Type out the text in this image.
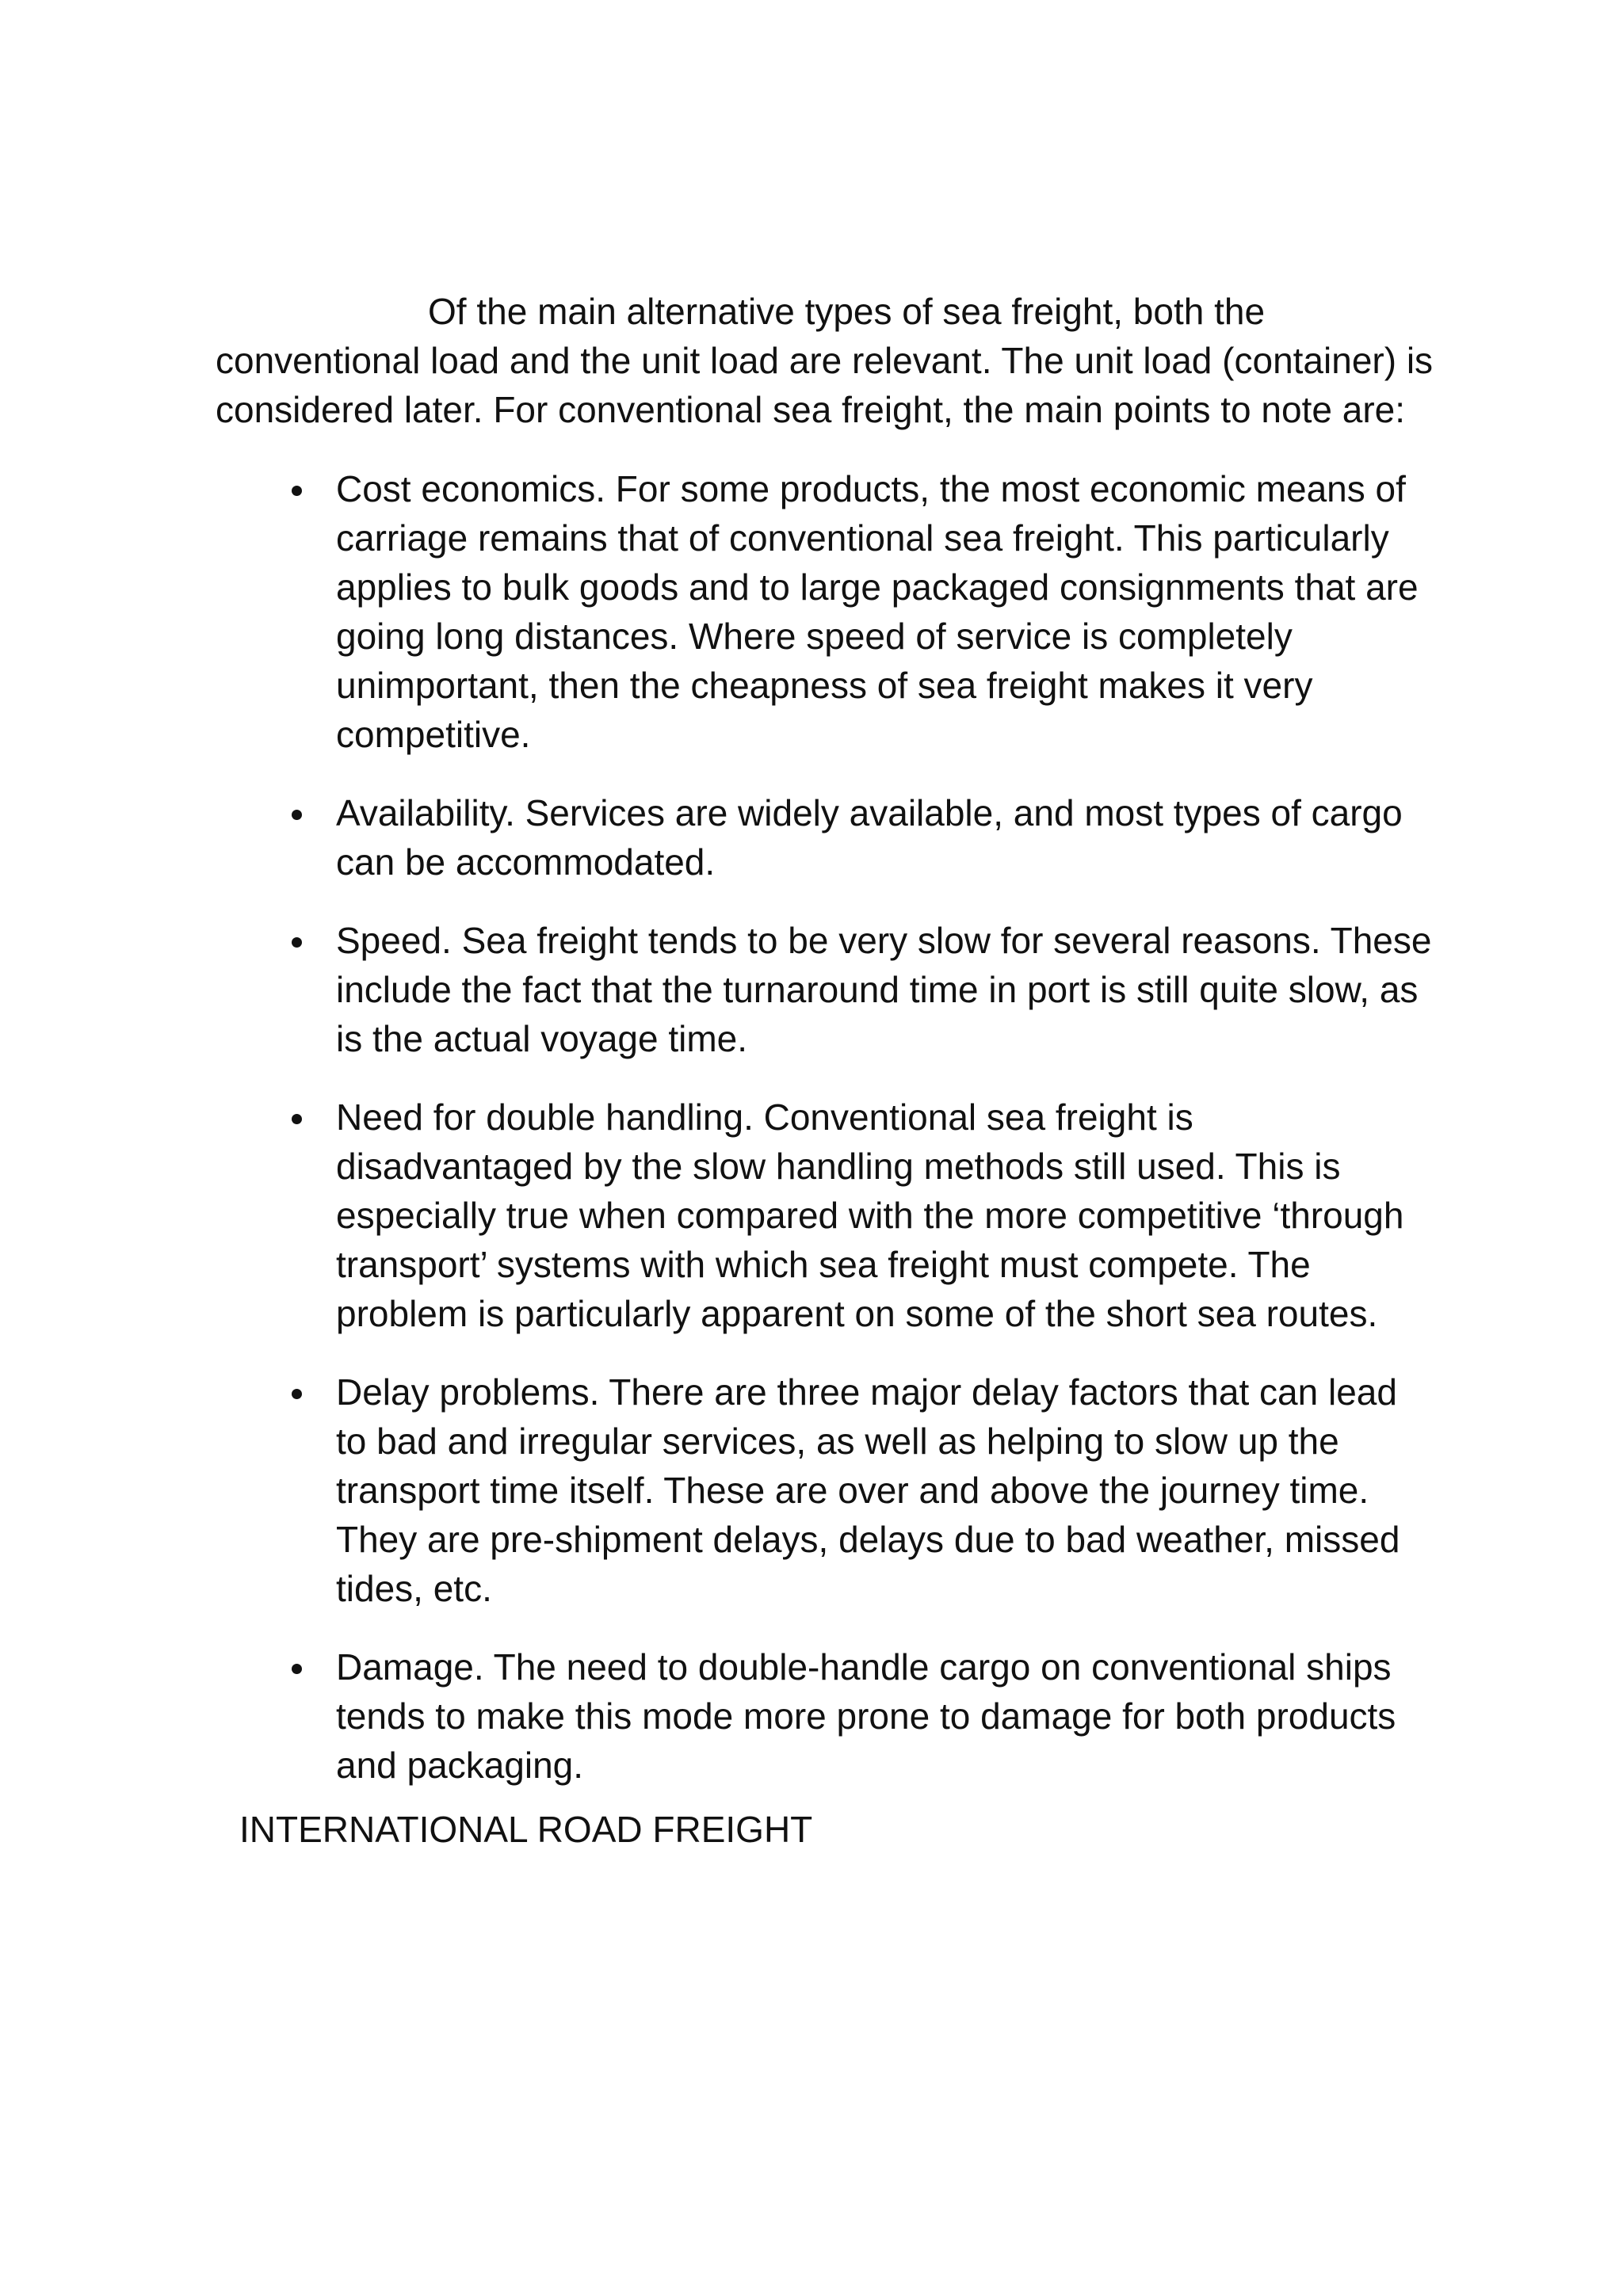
Of the main alternative types of sea freight, both the conventional load and the unit load are relevant. The unit load (container) is considered later. For conventional sea freight, the main points to note are:

Cost economics. For some products, the most economic means of carriage remains that of conventional sea freight. This particularly applies to bulk goods and to large packaged consignments that are going long distances. Where speed of service is completely unimportant, then the cheapness of sea freight makes it very competitive.
Availability. Services are widely available, and most types of cargo can be accommodated.
Speed. Sea freight tends to be very slow for several reasons. These include the fact that the turnaround time in port is still quite slow, as is the actual voyage time.
Need for double handling. Conventional sea freight is disadvantaged by the slow handling methods still used. This is especially true when compared with the more competitive ‘through transport’ systems with which sea freight must compete. The problem is particularly apparent on some of the short sea routes.
Delay problems. There are three major delay factors that can lead to bad and irregular services, as well as helping to slow up the transport time itself. These are over and above the journey time. They are pre-shipment delays, delays due to bad weather, missed tides, etc.
Damage. The need to double-handle cargo on conventional ships tends to make this mode more prone to damage for both products and packaging.
INTERNATIONAL ROAD FREIGHT
